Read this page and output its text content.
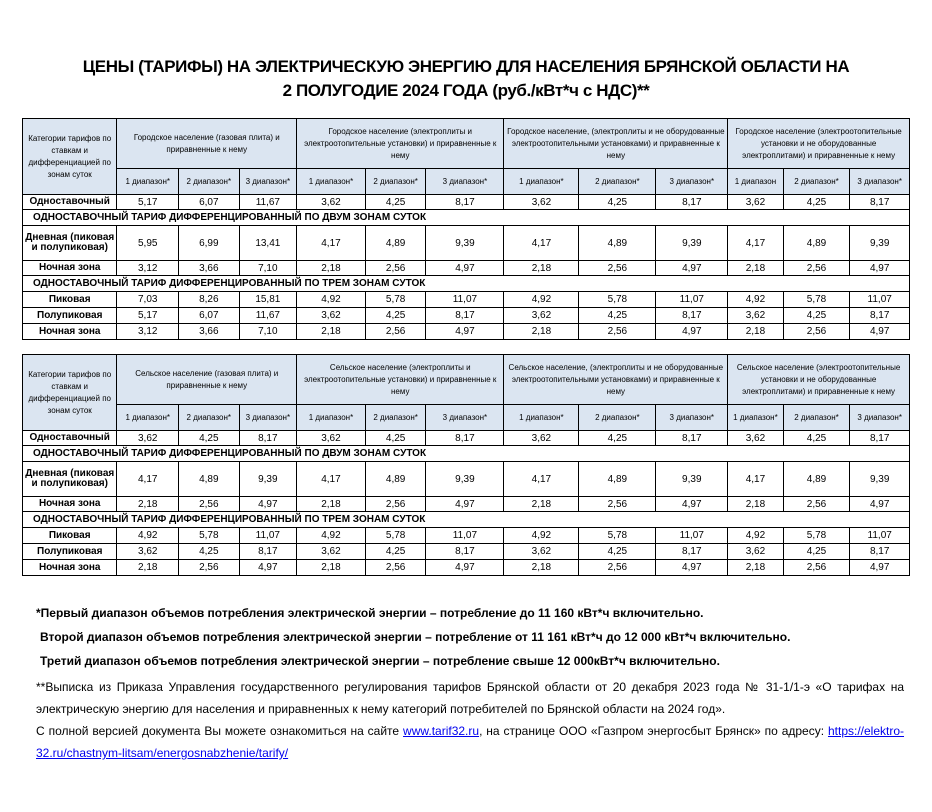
ЦЕНЫ (ТАРИФЫ) НА ЭЛЕКТРИЧЕСКУЮ ЭНЕРГИЮ ДЛЯ НАСЕЛЕНИЯ БРЯНСКОЙ ОБЛАСТИ НА
2 ПОЛУГОДИЕ 2024 ГОДА (руб./кВт*ч с НДС)**
Категории тарифов по ставкам и дифференциацией по зонам суток	Городское население (газовая плита) и приравненные к нему			Городское население (электроплиты и электроотопительные установки) и приравненные к нему			Городское население, (электроплиты и не оборудованные электроотопительными установками) и приравненные к нему			Городское население (электроотопительные установки и не оборудованные электроплитами) и приравненные к нему		
	1 диапазон*	2 диапазон*	3 диапазон*	1 диапазон*	2 диапазон*	3 диапазон*	1 диапазон*	2 диапазон*	3 диапазон*	1 диапазон	2 диапазон*	3 диапазон*
Одноставочный	5,17	6,07	11,67	3,62	4,25	8,17	3,62	4,25	8,17	3,62	4,25	8,17
ОДНОСТАВОЧНЫЙ ТАРИФ ДИФФЕРЕНЦИРОВАННЫЙ ПО ДВУМ ЗОНАМ СУТОК												
Дневная (пиковая и полупиковая)	5,95	6,99	13,41	4,17	4,89	9,39	4,17	4,89	9,39	4,17	4,89	9,39
Ночная зона	3,12	3,66	7,10	2,18	2,56	4,97	2,18	2,56	4,97	2,18	2,56	4,97
ОДНОСТАВОЧНЫЙ ТАРИФ ДИФФЕРЕНЦИРОВАННЫЙ ПО ТРЕМ ЗОНАМ СУТОК												
Пиковая	7,03	8,26	15,81	4,92	5,78	11,07	4,92	5,78	11,07	4,92	5,78	11,07
Полупиковая	5,17	6,07	11,67	3,62	4,25	8,17	3,62	4,25	8,17	3,62	4,25	8,17
Ночная зона	3,12	3,66	7,10	2,18	2,56	4,97	2,18	2,56	4,97	2,18	2,56	4,97
Категории тарифов по ставкам и дифференциацией по зонам суток	Сельское население (газовая плита) и приравненные к нему			Сельское население (электроплиты и электроотопительные установки) и приравненные к нему			Сельское население, (электроплиты и не оборудованные электроотопительными установками) и приравненные к нему			Сельское население (электроотопительные установки и не оборудованные электроплитами) и приравненные к нему		
	1 диапазон*	2 диапазон*	3 диапазон*	1 диапазон*	2 диапазон*	3 диапазон*	1 диапазон*	2 диапазон*	3 диапазон*	1 диапазон*	2 диапазон*	3 диапазон*
Одноставочный	3,62	4,25	8,17	3,62	4,25	8,17	3,62	4,25	8,17	3,62	4,25	8,17
ОДНОСТАВОЧНЫЙ ТАРИФ ДИФФЕРЕНЦИРОВАННЫЙ ПО ДВУМ ЗОНАМ СУТОК												
Дневная (пиковая и полупиковая)	4,17	4,89	9,39	4,17	4,89	9,39	4,17	4,89	9,39	4,17	4,89	9,39
Ночная зона	2,18	2,56	4,97	2,18	2,56	4,97	2,18	2,56	4,97	2,18	2,56	4,97
ОДНОСТАВОЧНЫЙ ТАРИФ ДИФФЕРЕНЦИРОВАННЫЙ ПО ТРЕМ ЗОНАМ СУТОК												
Пиковая	4,92	5,78	11,07	4,92	5,78	11,07	4,92	5,78	11,07	4,92	5,78	11,07
Полупиковая	3,62	4,25	8,17	3,62	4,25	8,17	3,62	4,25	8,17	3,62	4,25	8,17
Ночная зона	2,18	2,56	4,97	2,18	2,56	4,97	2,18	2,56	4,97	2,18	2,56	4,97

*Первый диапазон объемов потребления электрической энергии – потребление до 11 160 кВт*ч включительно.

Второй диапазон объемов потребления электрической энергии – потребление от 11 161 кВт*ч до 12 000 кВт*ч включительно.

Третий диапазон объемов потребления электрической энергии – потребление свыше 12 000кВт*ч включительно.

**Выписка из Приказа Управления государственного регулирования тарифов Брянской области от 20 декабря 2023 года № 31-1/1-э «О тарифах на электрическую энергию для населения и приравненных к нему категорий потребителей по Брянской области на 2024 год».
С полной версией документа Вы можете ознакомиться на сайте www.tarif32.ru, на странице ООО «Газпром энергосбыт Брянск» по адресу: https://elektro-32.ru/chastnym-litsam/energosnabzhenie/tarify/
